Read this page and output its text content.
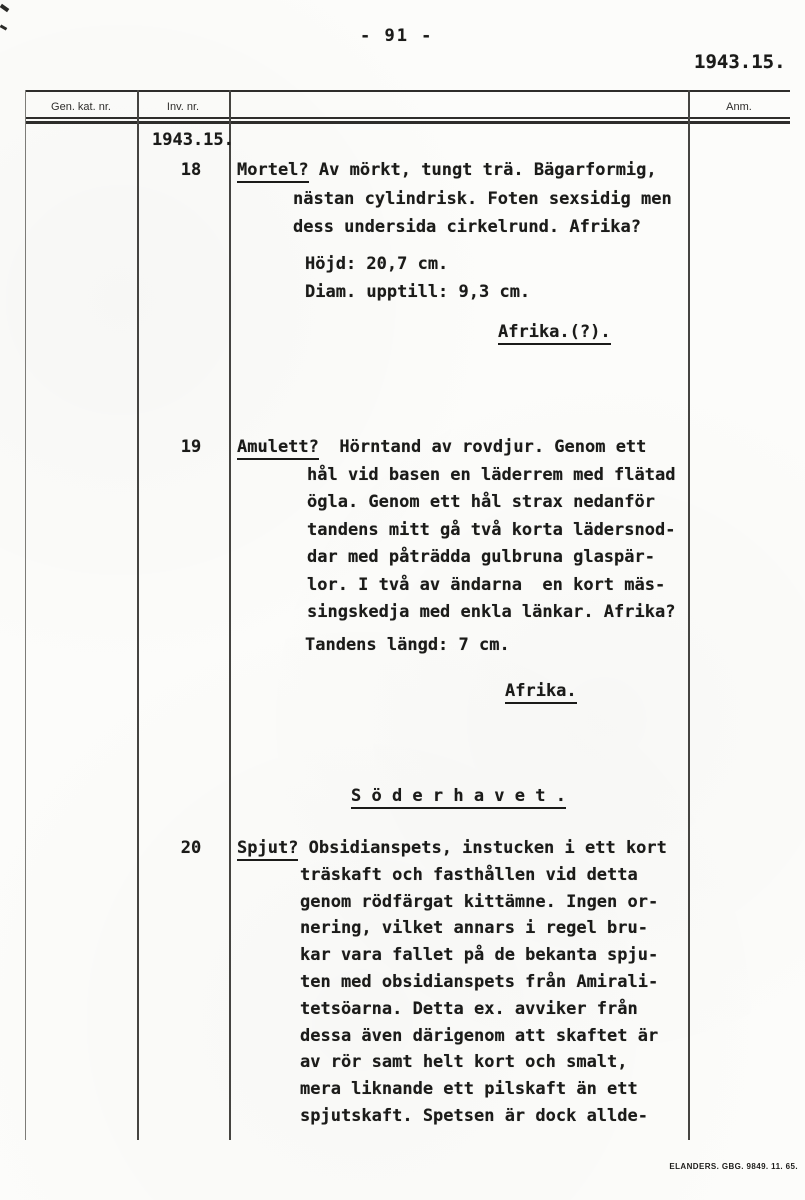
- 91 -
1943.15.
Gen. kat. nr.	Inv. nr.	Anm.
1943.15.
18	Mortel? Av mörkt, tungt trä. Bägarformig,
nästan cylindrisk. Foten sexsidig men
dess undersida cirkelrund. Afrika?
Höjd: 20,7 cm.
Diam. upptill: 9,3 cm.
Afrika.(?).
19	Amulett?  Hörntand av rovdjur. Genom ett
hål vid basen en läderrem med flätad
ögla. Genom ett hål strax nedanför
tandens mitt gå två korta lädersnod-
dar med påträdda gulbruna glaspär-
lor. I två av ändarna  en kort mäs-
singskedja med enkla länkar. Afrika?
Tandens längd: 7 cm.
Afrika.
S ö d e r h a v e t .
20	Spjut? Obsidianspets, instucken i ett kort
träskaft och fasthållen vid detta
genom rödfärgat kittämne. Ingen or-
nering, vilket annars i regel bru-
kar vara fallet på de bekanta spju-
ten med obsidianspets från Amirali-
tetsöarna. Detta ex. avviker från
dessa även därigenom att skaftet är
av rör samt helt kort och smalt,
mera liknande ett pilskaft än ett
spjutskaft. Spetsen är dock allde-
ELANDERS. GBG. 9849. 11. 65.
